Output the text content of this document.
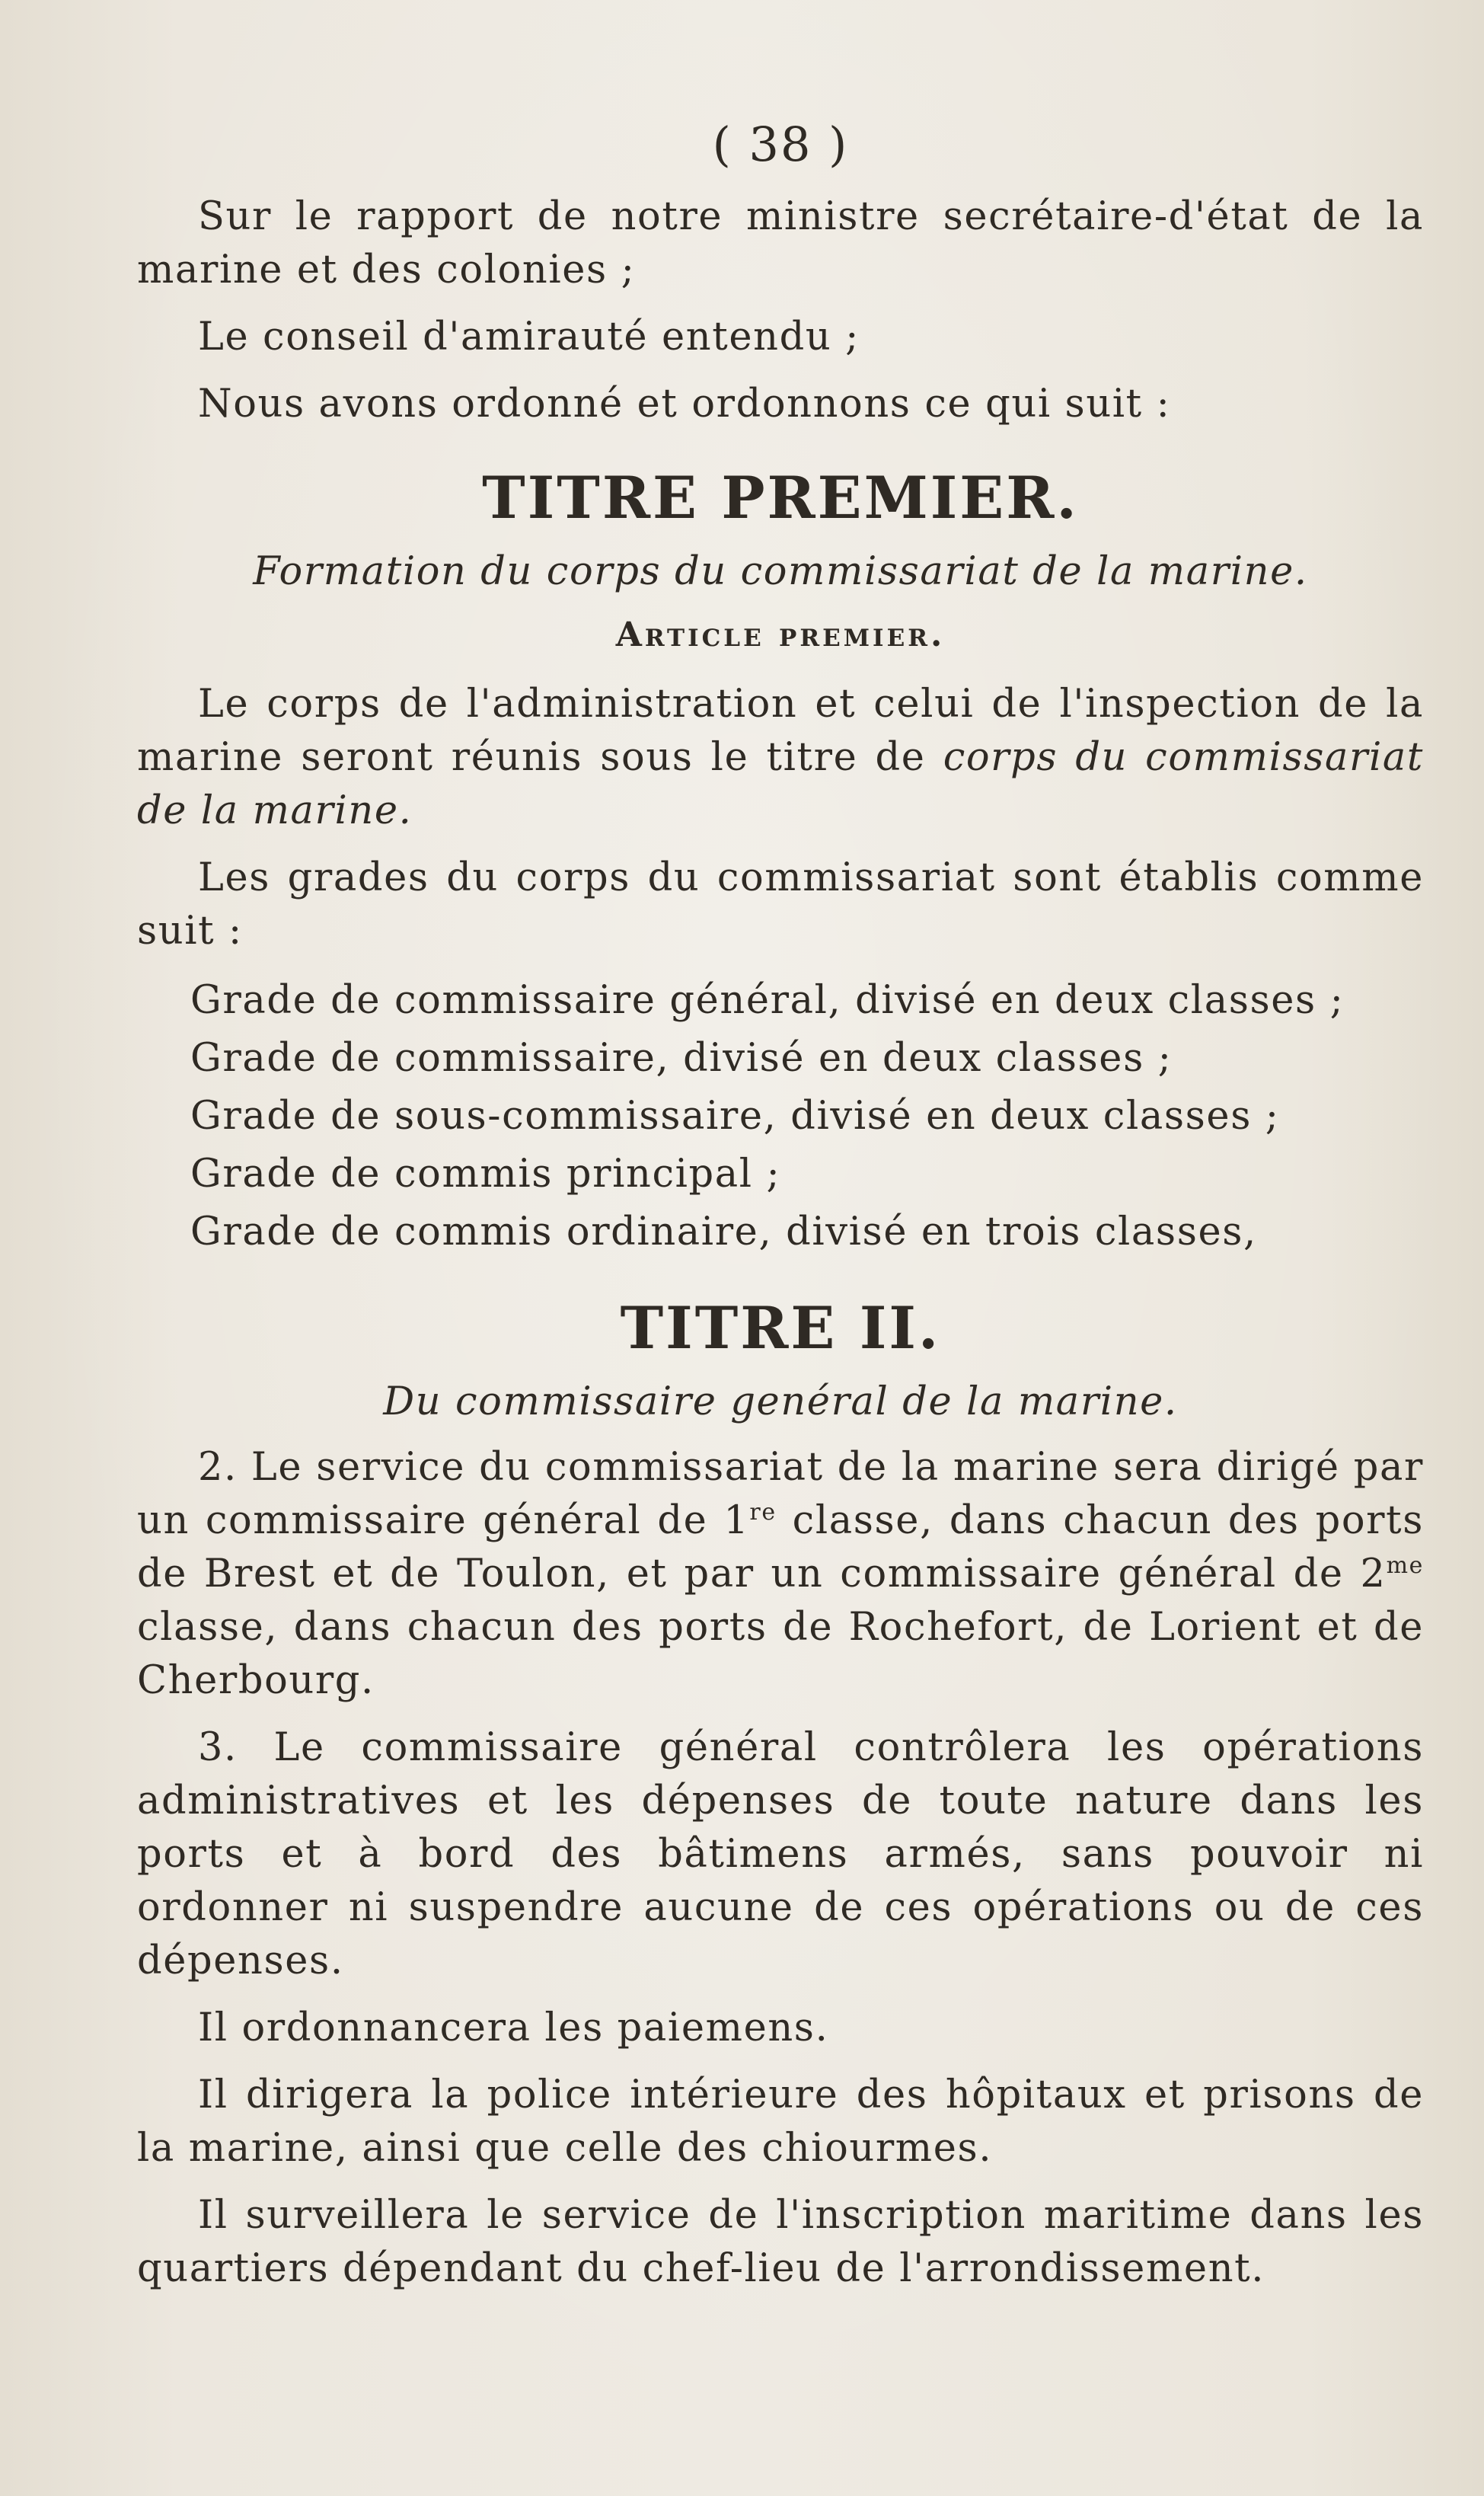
( 38 )

Sur le rapport de notre ministre secrétaire-d'état de la marine et des colonies ;

Le conseil d'amirauté entendu ;

Nous avons ordonné et ordonnons ce qui suit :

TITRE PREMIER.
Formation du corps du commissariat de la marine.
Article premier.

Le corps de l'administration et celui de l'inspection de la marine seront réunis sous le titre de corps du commissariat de la marine.

Les grades du corps du commissariat sont établis comme suit :

Grade de commissaire général, divisé en deux classes ;

Grade de commissaire, divisé en deux classes ;

Grade de sous-commissaire, divisé en deux classes ;

Grade de commis principal ;

Grade de commis ordinaire, divisé en trois classes,

TITRE II.
Du commissaire genéral de la marine.

2. Le service du commissariat de la marine sera dirigé par un commissaire général de 1re classe, dans chacun des ports de Brest et de Toulon, et par un commissaire général de $2^{me}$ classe, dans chacun des ports de Rochefort, de Lorient et de Cherbourg.

3. Le commissaire général contrôlera les opérations administratives et les dépenses de toute nature dans les ports et à bord des bâtimens armés, sans pouvoir ni ordonner ni suspendre aucune de ces opérations ou de ces dépenses.

Il ordonnancera les paiemens.

Il dirigera la police intérieure des hôpitaux et prisons de la marine, ainsi que celle des chiourmes.

Il surveillera le service de l'inscription maritime dans les quartiers dépendant du chef-lieu de l'arrondissement.
